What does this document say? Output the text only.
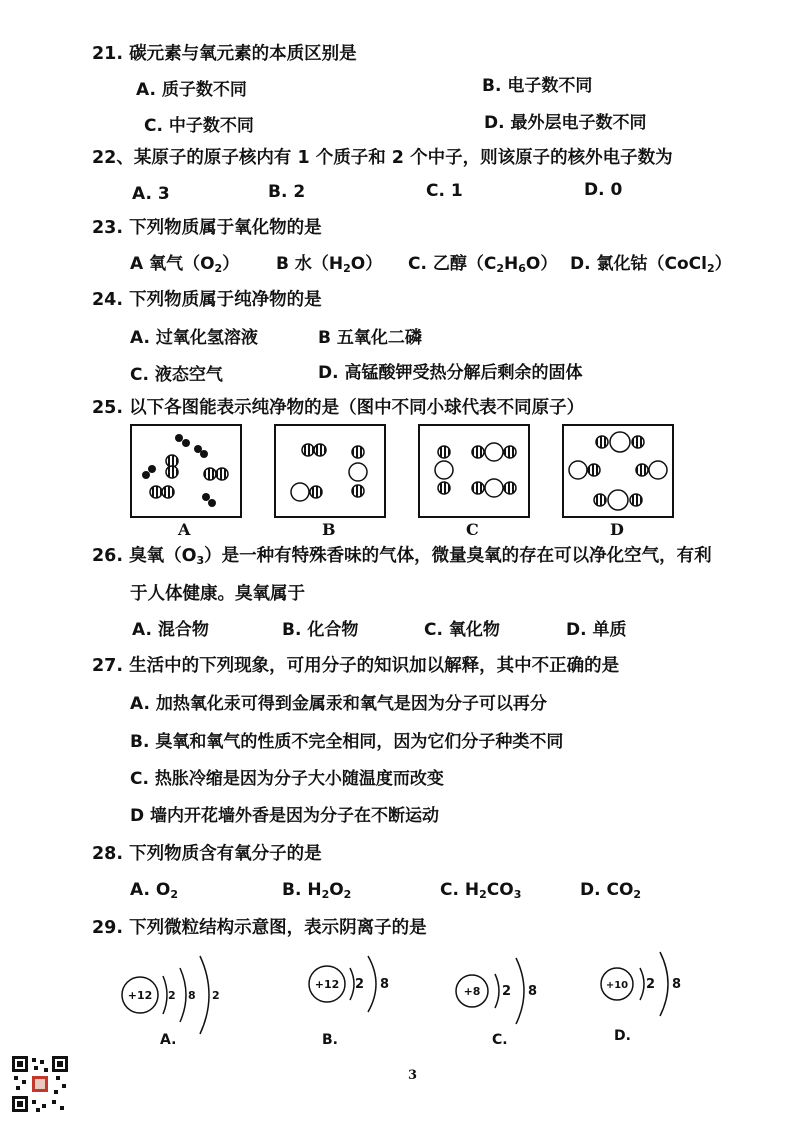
21. 碳元素与氧元素的本质区别是
A. 质子数不同	B. 电子数不同
C. 中子数不同	D. 最外层电子数不同
22、某原子的原子核内有 1 个质子和 2 个中子，则该原子的核外电子数为
A. 3	B. 2	C. 1	D. 0
23. 下列物质属于氧化物的是
A 氧气$(O_2)$ B 水$(H_2O)$ C. 乙醇$(C_2H_6O)$ D. 氯化钴（CoCl$_2$）
24. 下列物质属于纯净物的是
A. 过氧化氢溶液	B 五氧化二磷
C. 液态空气	D. 高锰酸钾受热分解后剩余的固体
25. 以下各图能表示纯净物的是（图中不同小球代表不同原子）
A	B	C	D
26. 臭氧$(O_3)$是一种有特殊香味的气体，微量臭氧的存在可以净化空气，有利
于人体健康。臭氧属于
A. 混合物	B. 化合物	C. 氧化物	D. 单质
27. 生活中的下列现象，可用分子的知识加以解释，其中不正确的是
A. 加热氧化汞可得到金属汞和氧气是因为分子可以再分
B. 臭氧和氧气的性质不完全相同，因为它们分子种类不同
C. 热胀冷缩是因为分子大小随温度而改变
D 墙内开花墙外香是因为分子在不断运动
28. 下列物质含有氧分子的是
A. $O_2$	B. $H_2O_2$	C. $H_2CO_3$	D. $CO_2$
29. 下列微粒结构示意图，表示阴离子的是
+12 2 8 2
A.
+12 2 8
B.
+8 2 8
C.
+10 2 8
D.
3
